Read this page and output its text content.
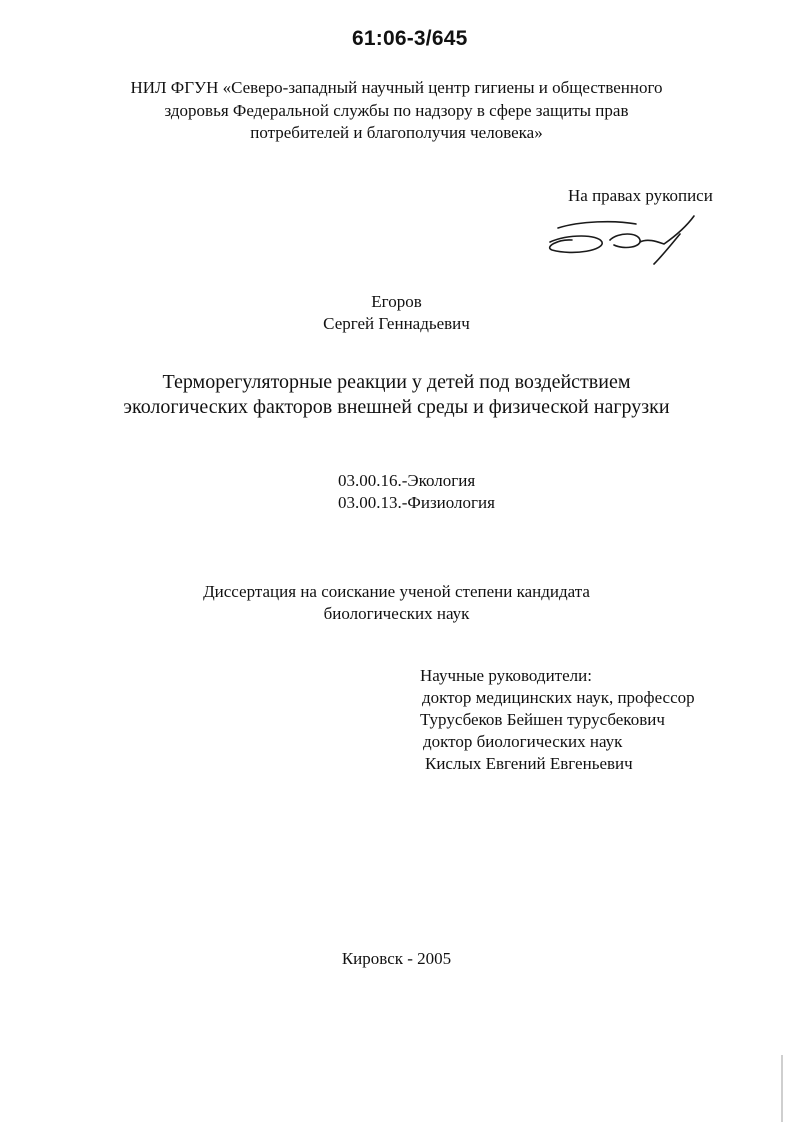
61:06-3/645
НИЛ ФГУН «Северо-западный научный центр гигиены и общественного
здоровья Федеральной службы по надзору в сфере защиты прав
потребителей и благополучия человека»
На правах рукописи
Егоров
Сергей Геннадьевич
Терморегуляторные реакции у детей под воздействием
экологических факторов внешней среды и физической нагрузки
03.00.16.-Экология
03.00.13.-Физиология
Диссертация на соискание ученой степени кандидата
биологических наук
Научные руководители:
доктор медицинских наук, профессор
Турусбеков Бейшен турусбекович
доктор биологических наук
Кислых Евгений Евгеньевич
Кировск - 2005
